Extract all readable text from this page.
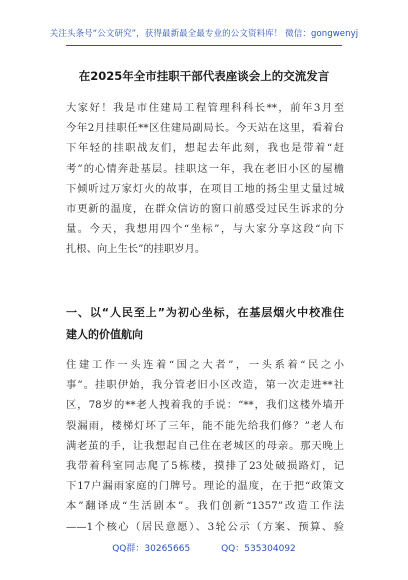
关注头条号“公文研究”，获得最新最全最专业的公文资料库！ 微信：gongwenyj
在2025年全市挂职干部代表座谈会上的交流发言
大家好！我是市住建局工程管理科科长**，前年3月至
今年2月挂职任**区住建局副局长。今天站在这里，看着台
下年轻的挂职战友们，想起去年此刻，我也是带着“赶
考”的心情奔赴基层。挂职这一年，我在老旧小区的屋檐
下倾听过万家灯火的故事，在项目工地的扬尘里丈量过城
市更新的温度，在群众信访的窗口前感受过民生诉求的分
量。今天，我想用四个“坐标”，与大家分享这段“向下
扎根、向上生长”的挂职岁月。
一、以“人民至上”为初心坐标，在基层烟火中校准住
建人的价值航向
住建工作一头连着“国之大者”，一头系着“民之小
事”。挂职伊始，我分管老旧小区改造，第一次走进**社
区，78岁的**老人拽着我的手说：“**，我们这楼外墙开
裂漏雨，楼梯灯坏了三年，能不能先给我们修？”老人布
满老茧的手，让我想起自己住在老城区的母亲。那天晚上
我带着科室同志爬了5栋楼，摸排了23处破损路灯，记
下17户漏雨家庭的门牌号。理论的温度，在于把“政策文
本”翻译成“生活剧本”。我们创新“1357”改造工作法
——1个核心（居民意愿）、3轮公示（方案、预算、验
QQ群：30265665	QQ：535304092
